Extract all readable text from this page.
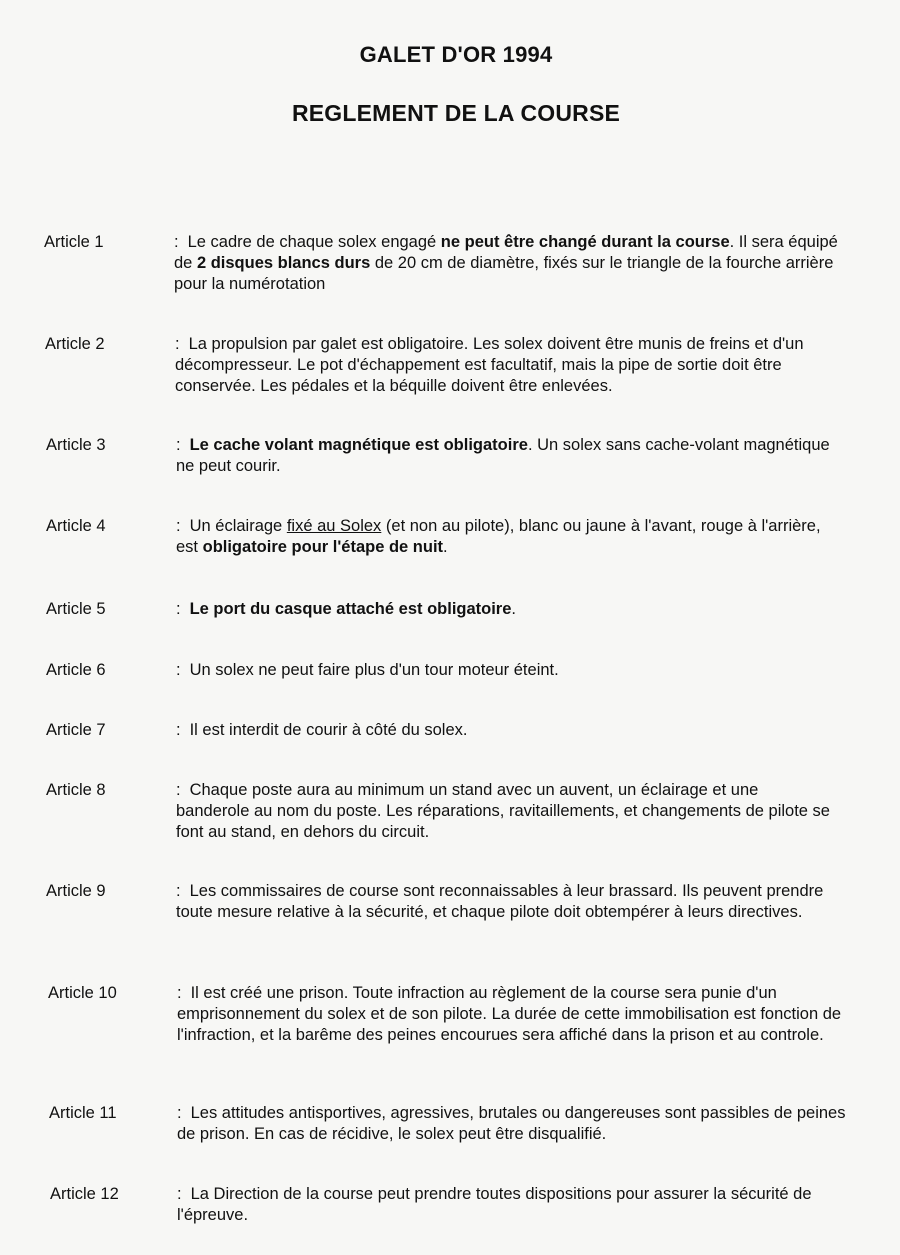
GALET D'OR 1994
REGLEMENT DE LA COURSE
Article 1	: Le cadre de chaque solex engagé ne peut être changé durant la course. Il sera équipé de 2 disques blancs durs de 20 cm de diamètre, fixés sur le triangle de la fourche arrière pour la numérotation
Article 2	: La propulsion par galet est obligatoire. Les solex doivent être munis de freins et d'un décompresseur. Le pot d'échappement est facultatif, mais la pipe de sortie doit être conservée. Les pédales et la béquille doivent être enlevées.
Article 3	: Le cache volant magnétique est obligatoire. Un solex sans cache-volant magnétique ne peut courir.
Article 4	: Un éclairage fixé au Solex (et non au pilote), blanc ou jaune à l'avant, rouge à l'arrière, est obligatoire pour l'étape de nuit.
Article 5	: Le port du casque attaché est obligatoire.
Article 6	: Un solex ne peut faire plus d'un tour moteur éteint.
Article 7	: Il est interdit de courir à côté du solex.
Article 8	: Chaque poste aura au minimum un stand avec un auvent, un éclairage et une banderole au nom du poste. Les réparations, ravitaillements, et changements de pilote se font au stand, en dehors du circuit.
Article 9	: Les commissaires de course sont reconnaissables à leur brassard. Ils peuvent prendre toute mesure relative à la sécurité, et chaque pilote doit obtempérer à leurs directives.
Article 10	: Il est créé une prison. Toute infraction au règlement de la course sera punie d'un emprisonnement du solex et de son pilote. La durée de cette immobilisation est fonction de l'infraction, et la barême des peines encourues sera affiché dans la prison et au controle.
Article 11	: Les attitudes antisportives, agressives, brutales ou dangereuses sont passibles de peines de prison. En cas de récidive, le solex peut être disqualifié.
Article 12	: La Direction de la course peut prendre toutes dispositions pour assurer la sécurité de l'épreuve.
